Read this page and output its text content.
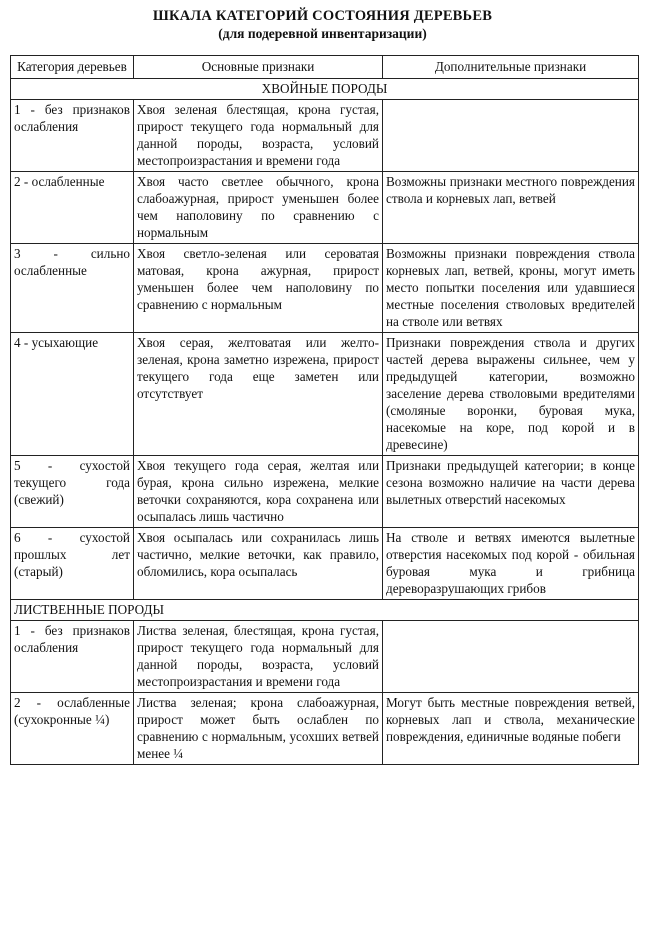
ШКАЛА КАТЕГОРИЙ СОСТОЯНИЯ ДЕРЕВЬЕВ
(для подеревной инвентаризации)
Категория деревьев	Основные признаки	Дополнительные признаки
ХВОЙНЫЕ ПОРОДЫ		
1 - без признаков ослабления	Хвоя зеленая блестящая, крона густая, прирост текущего года нормальный для данной породы, возраста, условий местопроизрастания и времени года	
2 - ослабленные	Хвоя часто светлее обычного, крона слабоажурная, прирост уменьшен более чем наполовину по сравнению с нормальным	Возможны признаки местного повреждения ствола и корневых лап, ветвей
3 - сильно ослабленные	Хвоя светло-зеленая или сероватая матовая, крона ажурная, прирост уменьшен более чем наполовину по сравнению с нормальным	Возможны признаки повреждения ствола корневых лап, ветвей, кроны, могут иметь место попытки поселения или удавшиеся местные поселения стволовых вредителей на стволе или ветвях
4 - усыхающие	Хвоя серая, желтоватая или желто-зеленая, крона заметно изрежена, прирост текущего года еще заметен или отсутствует	Признаки повреждения ствола и других частей дерева выражены сильнее, чем у предыдущей категории, возможно заселение дерева стволовыми вредителями (смоляные воронки, буровая мука, насекомые на коре, под корой и в древесине)
5 - сухостой текущего года (свежий)	Хвоя текущего года серая, желтая или бурая, крона сильно изрежена, мелкие веточки сохраняются, кора сохранена или осыпалась лишь частично	Признаки предыдущей категории; в конце сезона возможно наличие на части дерева вылетных отверстий насекомых
6 - сухостой прошлых лет (старый)	Хвоя осыпалась или сохранилась лишь частично, мелкие веточки, как правило, обломились, кора осыпалась	На стволе и ветвях имеются вылетные отверстия насекомых под корой - обильная буровая мука и грибница дереворазрушающих грибов
ЛИСТВЕННЫЕ ПОРОДЫ		
1 - без признаков ослабления	Листва зеленая, блестящая, крона густая, прирост текущего года нормальный для данной породы, возраста, условий местопроизрастания и времени года	
2 - ослабленные (сухокронные ¼)	Листва зеленая; крона слабоажурная, прирост может быть ослаблен по сравнению с нормальным, усохших ветвей менее ¼	Могут быть местные повреждения ветвей, корневых лап и ствола, механические повреждения, единичные водяные побеги
